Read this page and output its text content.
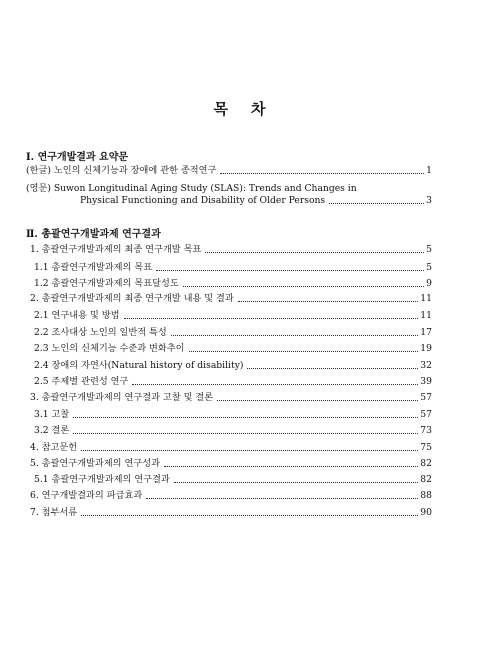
목 차
Ⅰ. 연구개발결과 요약문
(한글) 노인의 신체기능과 장애에 관한 종적연구	1
(영문) Suwon Longitudinal Aging Study (SLAS): Trends and Changes in
Physical Functioning and Disability of Older Persons	3
Ⅱ. 총괄연구개발과제 연구결과
1. 총괄연구개발과제의 최종 연구개발 목표	5
1.1 총괄연구개발과제의 목표	5
1.2 총괄연구개발과제의 목표달성도	9
2. 총괄연구개발과제의 최종 연구개발 내용 및 결과	11
2.1 연구내용 및 방법	11
2.2 조사대상 노인의 일반적 특성	17
2.3 노인의 신체기능 수준과 변화추이	19
2.4 장애의 자연사(Natural history of disability)	32
2.5 주제별 관련성 연구	39
3. 총괄연구개발과제의 연구결과 고찰 및 결론	57
3.1 고찰	57
3.2 결론	73
4. 참고문헌	75
5. 총괄연구개발과제의 연구성과	82
5.1 총괄연구개발과제의 연구결과	82
6. 연구개발결과의 파급효과	88
7. 첨부서류	90
